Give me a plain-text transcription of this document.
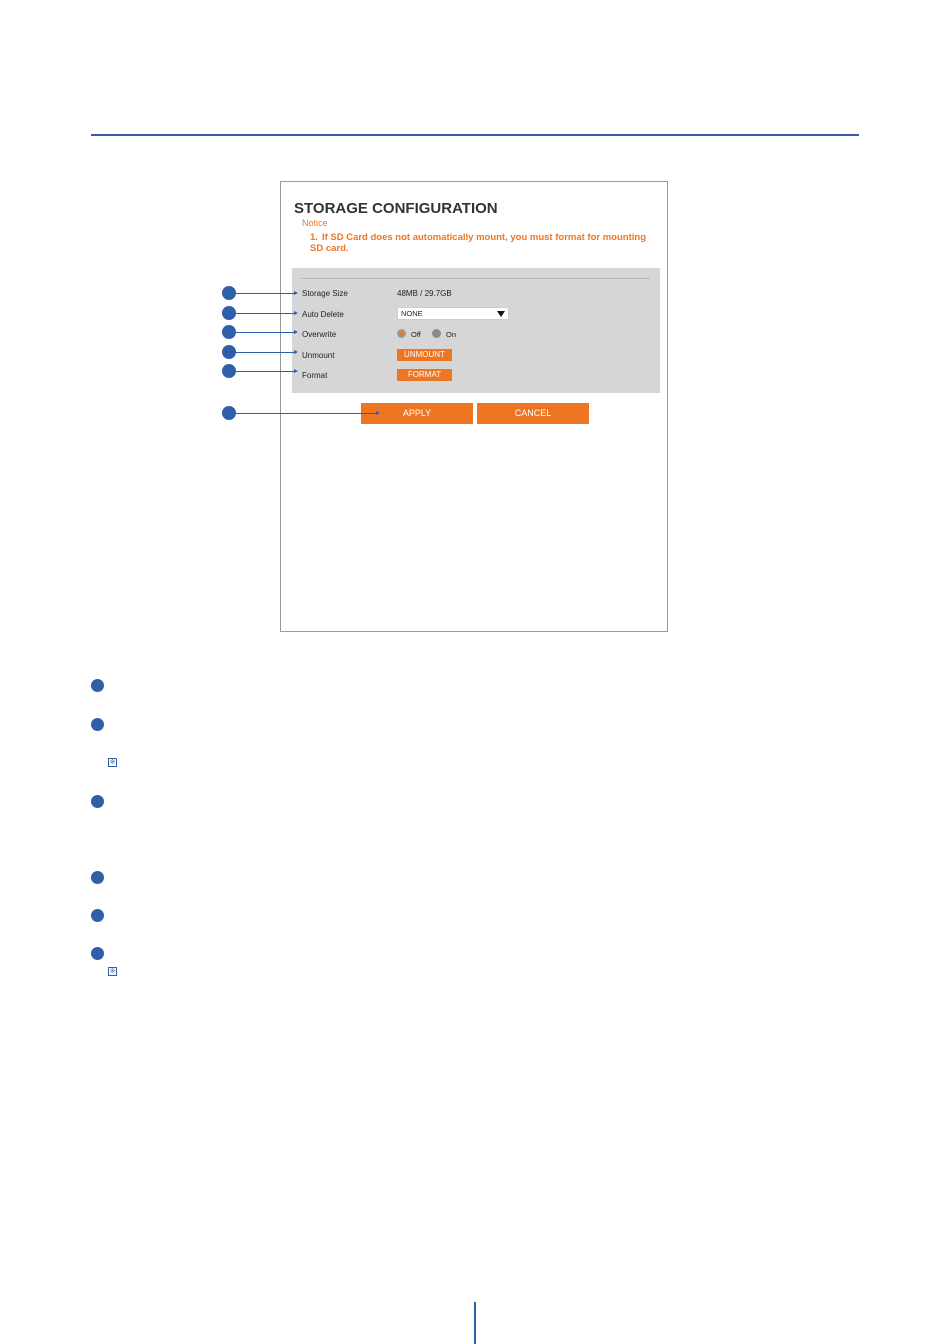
STORAGE CONFIGURATION
Notice
1. If SD Card does not automatically mount, you must format for mounting SD card.
Storage Size	48MB / 29.7GB
Auto Delete	NONE
Overwrite	Off	On
Unmount	UNMOUNT
Format	FORMAT
APPLY	CANCEL
※
※
